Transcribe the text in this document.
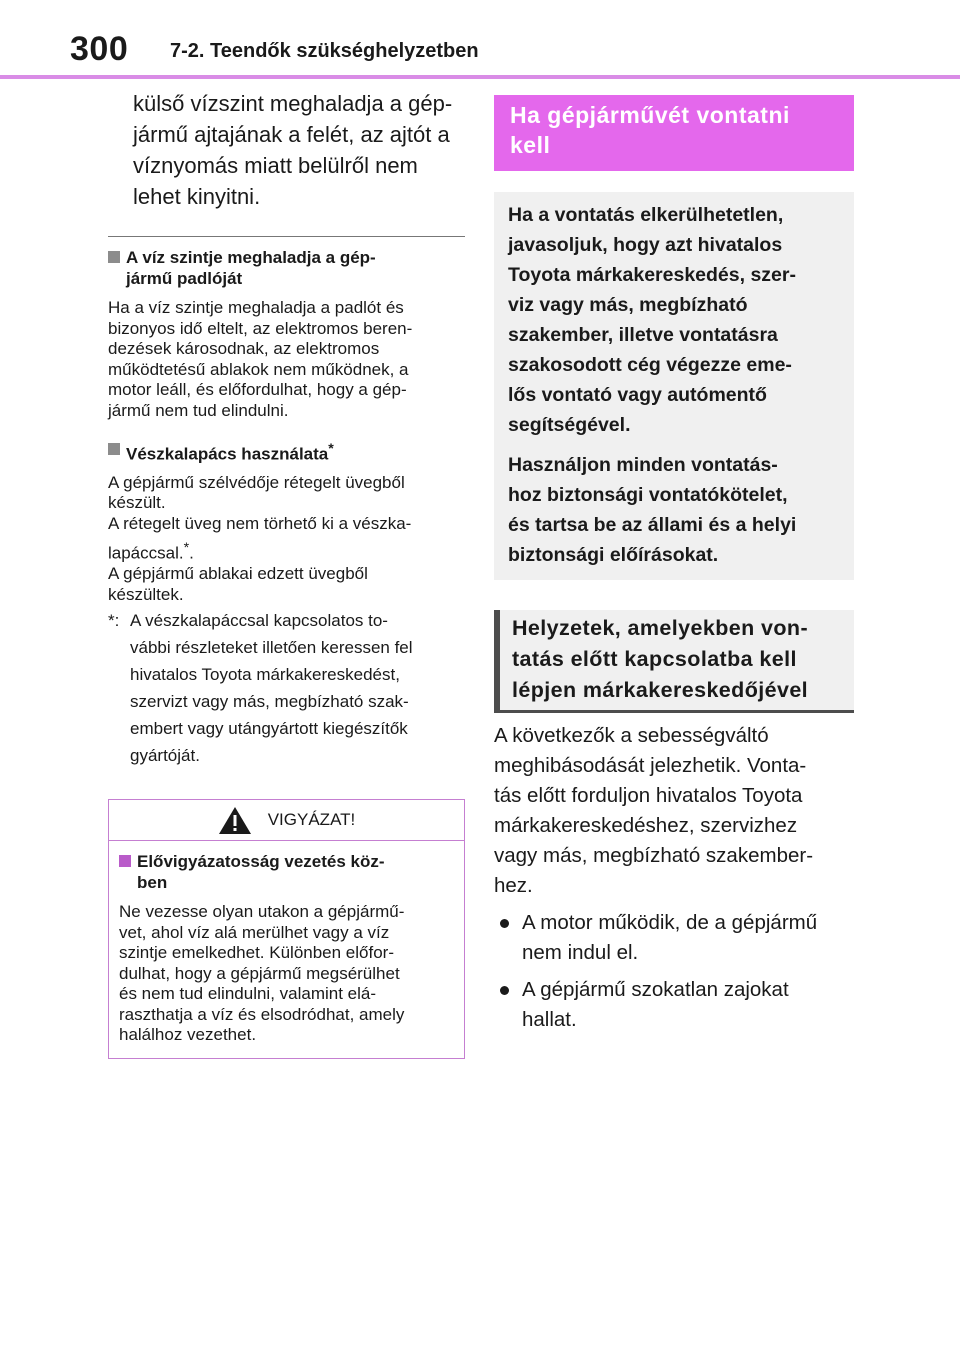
300 7-2. Teendők szükséghelyzetben
külső vízszint meghaladja a gép-
jármű ajtajának a felét, az ajtót a
víznyomás miatt belülről nem
lehet kinyitni.
A víz szintje meghaladja a gép-
jármű padlóját
Ha a víz szintje meghaladja a padlót és
bizonyos idő eltelt, az elektromos beren-
dezések károsodnak, az elektromos
működtetésű ablakok nem működnek, a
motor leáll, és előfordulhat, hogy a gép-
jármű nem tud elindulni.
Vészkalapács használata*
A gépjármű szélvédője rétegelt üvegből
készült.
A rétegelt üveg nem törhető ki a vészka-
lapáccsal.*.
A gépjármű ablakai edzett üvegből
készültek.
*: A vészkalapáccsal kapcsolatos to-
vábbi részleteket illetően keressen fel
hivatalos Toyota márkakereskedést,
szervizt vagy más, megbízható szak-
embert vagy utángyártott kiegészítők
gyártóját.
VIGYÁZAT!
Elővigyázatosság vezetés köz-
ben
Ne vezesse olyan utakon a gépjármű-
vet, ahol víz alá merülhet vagy a víz
szintje emelkedhet. Különben előfor-
dulhat, hogy a gépjármű megsérülhet
és nem tud elindulni, valamint elá-
raszthatja a víz és elsodródhat, amely
halálhoz vezethet.
Ha gépjárművét vontatni
kell

Ha a vontatás elkerülhetetlen,
javasoljuk, hogy azt hivatalos
Toyota márkakereskedés, szer-
viz vagy más, megbízható
szakember, illetve vontatásra
szakosodott cég végezze eme-
lős vontató vagy autómentő
segítségével.

Használjon minden vontatás-
hoz biztonsági vontatókötelet,
és tartsa be az állami és a helyi
biztonsági előírásokat.

Helyzetek, amelyekben von-
tatás előtt kapcsolatba kell
lépjen márkakereskedőjével
A következők a sebességváltó
meghibásodását jelezhetik. Vonta-
tás előtt forduljon hivatalos Toyota
márkakereskedéshez, szervizhez
vagy más, megbízható szakember-
hez.
A motor működik, de a gépjármű
nem indul el.
A gépjármű szokatlan zajokat
hallat.
